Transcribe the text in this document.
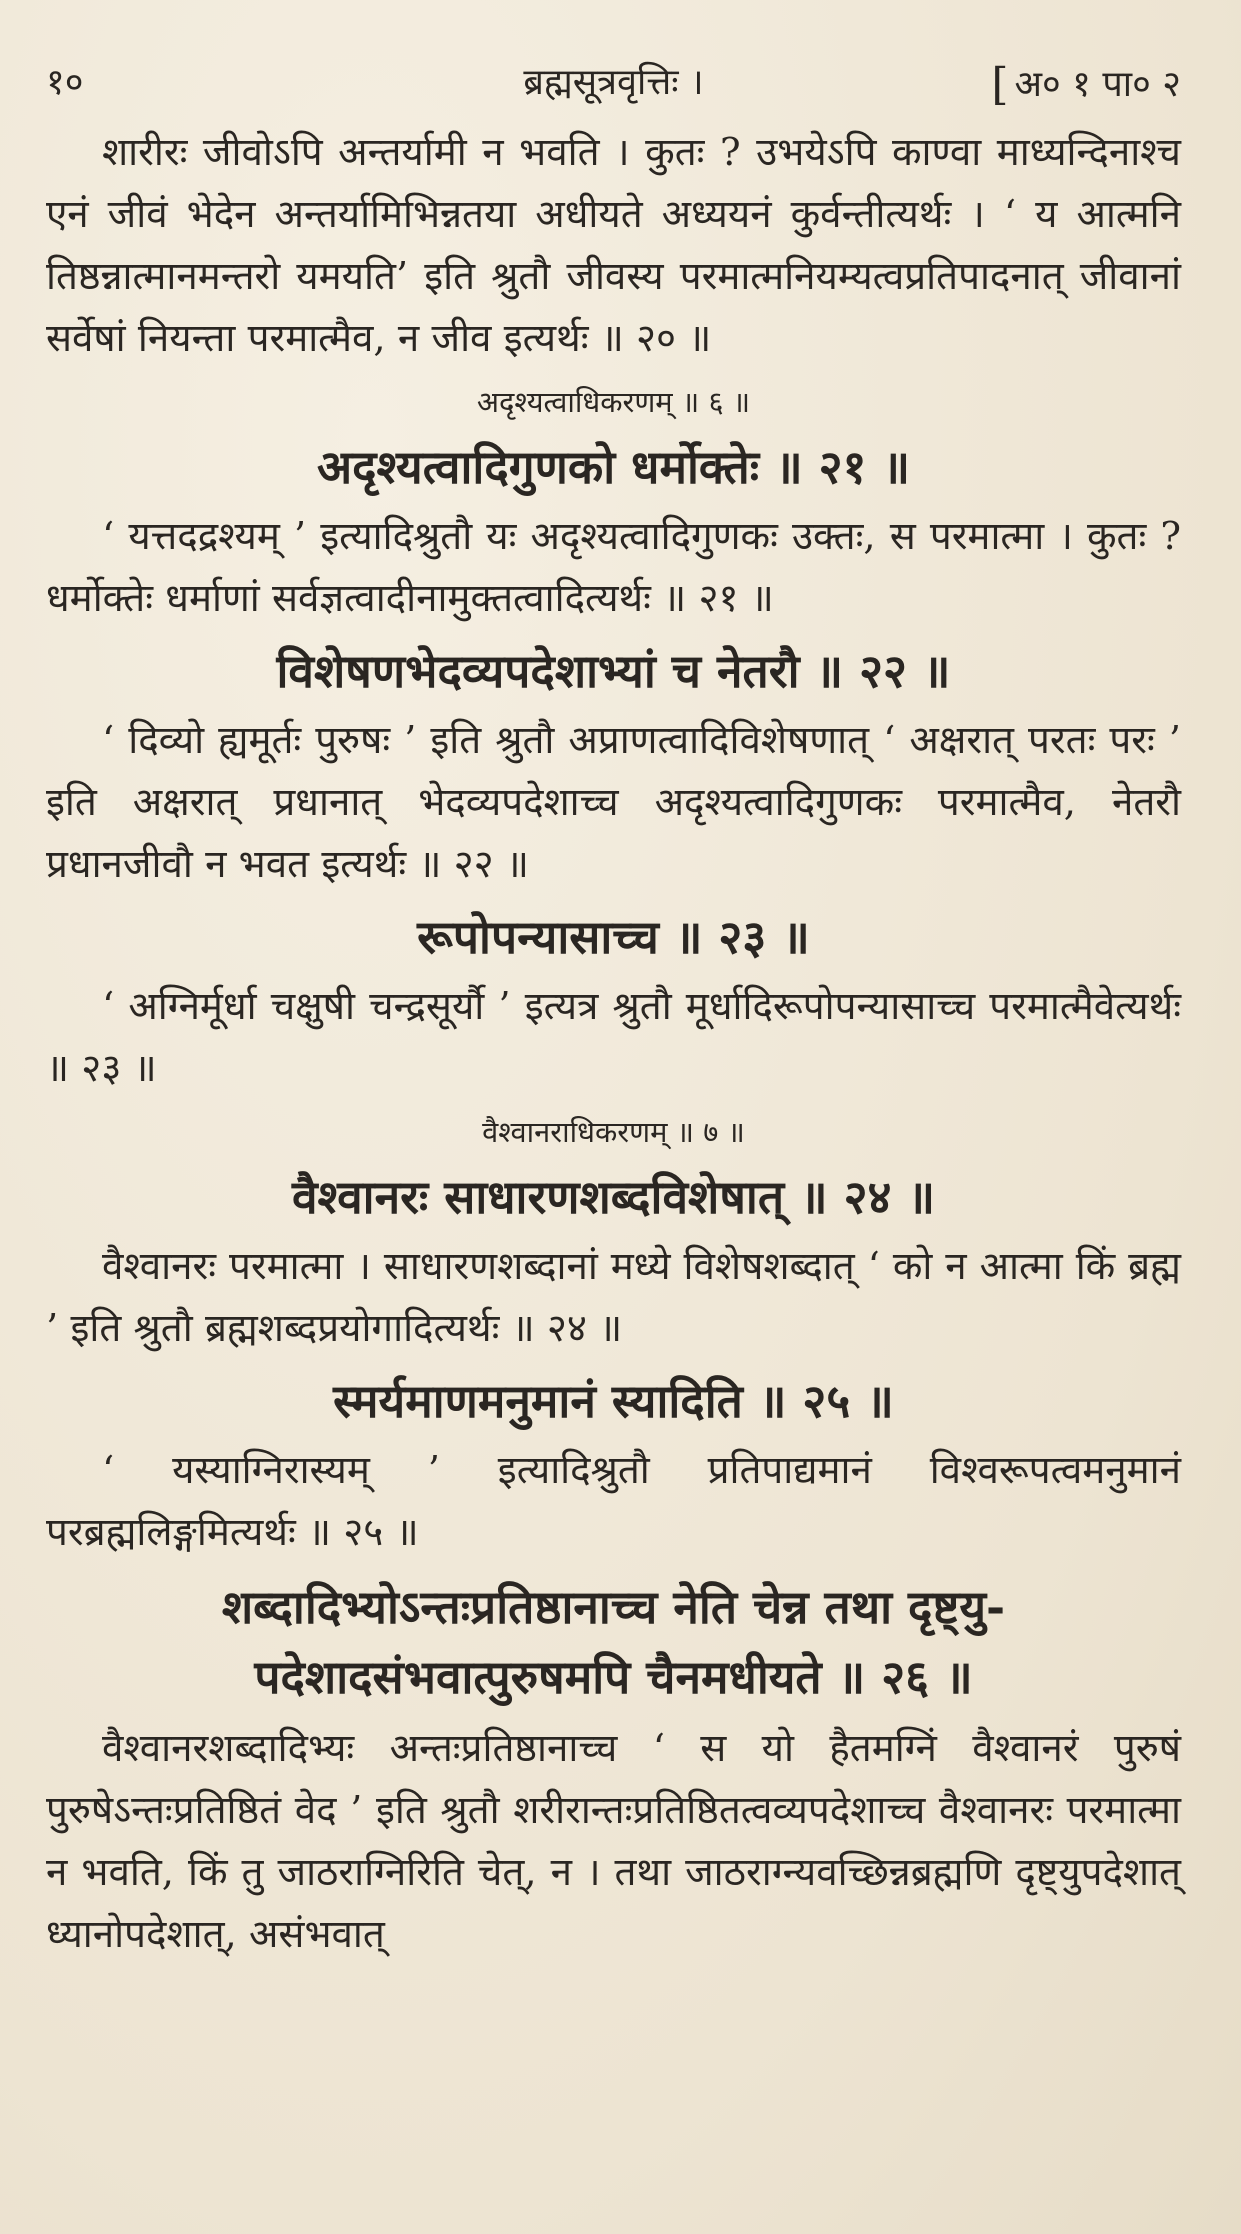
१०	ब्रह्मसूत्रवृत्तिः ।	[ अ० १ पा० २

शारीरः जीवोऽपि अन्तर्यामी न भवति । कुतः ? उभयेऽपि काण्वा माध्यन्दिनाश्च एनं जीवं भेदेन अन्तर्यामिभिन्नतया अधीयते अध्ययनं कुर्वन्तीत्यर्थः । ‘ य आत्मनि तिष्ठन्नात्मानमन्तरो यमयति’ इति श्रुतौ जीवस्य परमात्मनियम्यत्वप्रतिपादनात् जीवानां सर्वेषां नियन्ता परमात्मैव, न जीव इत्यर्थः ॥ २० ॥

अदृश्यत्वाधिकरणम् ॥ ६ ॥
अदृश्यत्वादिगुणको धर्मोक्तेः ॥ २१ ॥

‘ यत्तदद्रश्यम् ’ इत्यादिश्रुतौ यः अदृश्यत्वादिगुणकः उक्तः, स परमात्मा । कुतः ? धर्मोक्तेः धर्माणां सर्वज्ञत्वादीनामुक्तत्वादित्यर्थः ॥ २१ ॥

विशेषणभेदव्यपदेशाभ्यां च नेतरौ ॥ २२ ॥

‘ दिव्यो ह्यमूर्तः पुरुषः ’ इति श्रुतौ अप्राणत्वादिविशेषणात् ‘ अक्षरात् परतः परः ’ इति अक्षरात् प्रधानात् भेदव्यपदेशाच्च अदृश्यत्वादिगुणकः परमात्मैव, नेतरौ प्रधानजीवौ न भवत इत्यर्थः ॥ २२ ॥

रूपोपन्यासाच्च ॥ २३ ॥

‘ अग्निर्मूर्धा चक्षुषी चन्द्रसूर्यौ ’ इत्यत्र श्रुतौ मूर्धादिरूपोपन्यासाच्च परमात्मैवेत्यर्थः ॥ २३ ॥

वैश्वानराधिकरणम् ॥ ७ ॥
वैश्वानरः साधारणशब्दविशेषात् ॥ २४ ॥

वैश्वानरः परमात्मा । साधारणशब्दानां मध्ये विशेषशब्दात् ‘ को न आत्मा किं ब्रह्म ’ इति श्रुतौ ब्रह्मशब्दप्रयोगादित्यर्थः ॥ २४ ॥

स्मर्यमाणमनुमानं स्यादिति ॥ २५ ॥

‘ यस्याग्निरास्यम् ’ इत्यादिश्रुतौ प्रतिपाद्यमानं विश्वरूपत्वमनुमानं परब्रह्मलिङ्गमित्यर्थः ॥ २५ ॥

शब्दादिभ्योऽन्तःप्रतिष्ठानाच्च नेति चेन्न तथा दृष्ट्यु-
पदेशादसंभवात्पुरुषमपि चैनमधीयते ॥ २६ ॥

वैश्वानरशब्दादिभ्यः अन्तःप्रतिष्ठानाच्च ‘ स यो हैतमग्निं वैश्वानरं पुरुषं पुरुषेऽन्तःप्रतिष्ठितं वेद ’ इति श्रुतौ शरीरान्तःप्रतिष्ठितत्वव्यपदेशाच्च वैश्वानरः परमात्मा न भवति, किं तु जाठराग्निरिति चेत्, न । तथा जाठराग्न्यवच्छिन्नब्रह्मणि दृष्ट्युपदेशात् ध्यानोपदेशात्, असंभवात्
